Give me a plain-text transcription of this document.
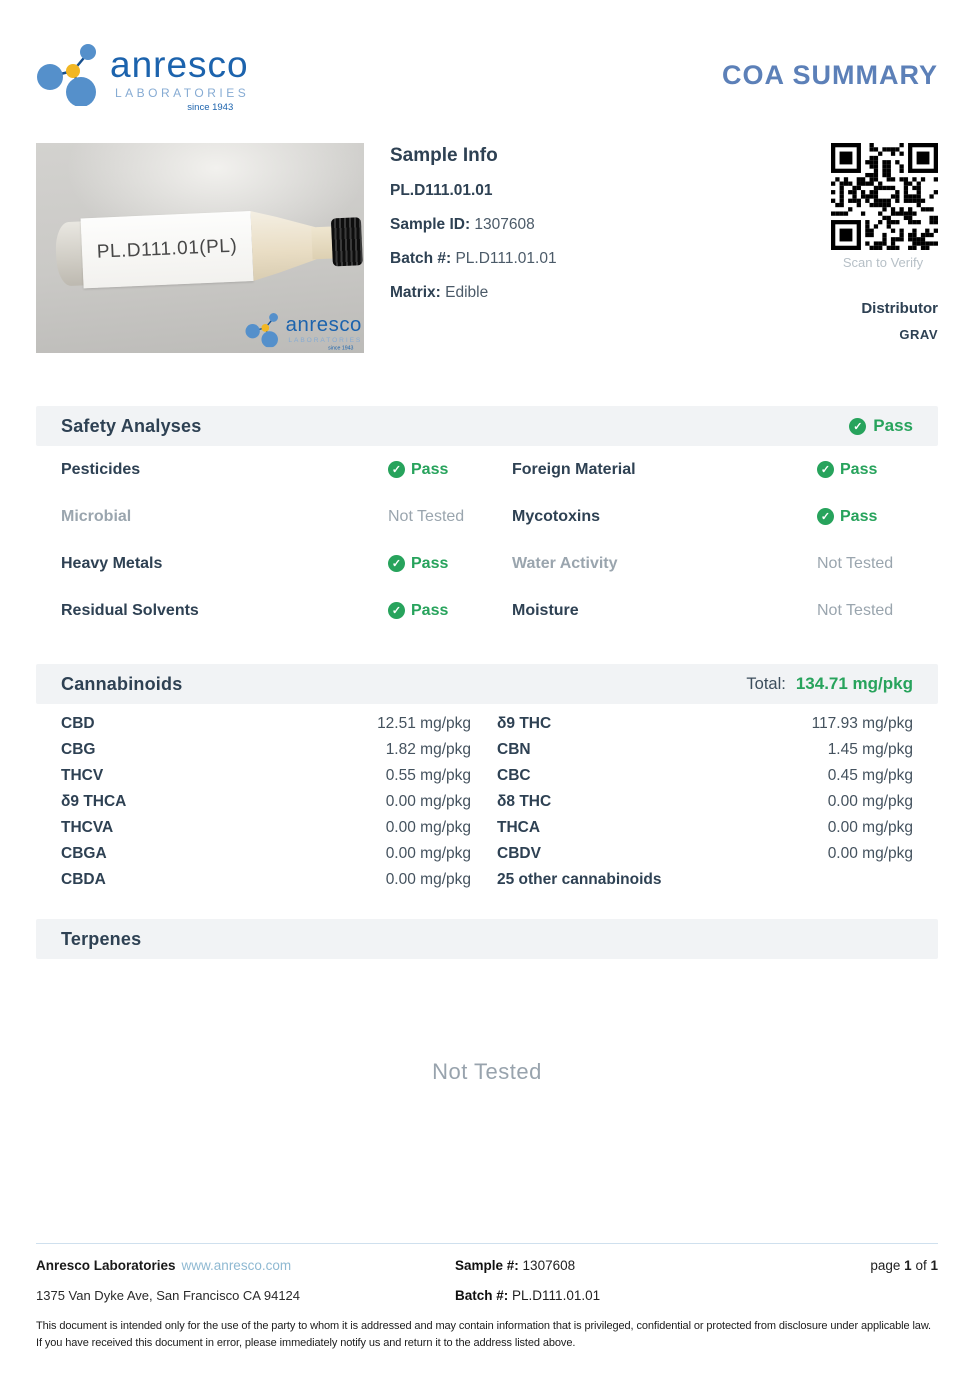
anresco
LABORATORIES
since 1943
COA SUMMARY
PL.D111.01(PL)
anresco
LABORATORIES
since 1943
Sample Info
PL.D111.01.01
Sample ID: 1307608
Batch #: PL.D111.01.01
Matrix: Edible
Scan to Verify
Distributor
GRAV
Safety Analyses	✓ Pass
Pesticides	✓ Pass	Foreign Material	✓ Pass
Microbial	Not Tested	Mycotoxins	✓ Pass
Heavy Metals	✓ Pass	Water Activity	Not Tested
Residual Solvents	✓ Pass	Moisture	Not Tested
Cannabinoids	Total: 134.71 mg/pkg
CBD	12.51 mg/pkg δ9 THC	117.93 mg/pkg
CBG	1.82 mg/pkg CBN	1.45 mg/pkg
THCV	0.55 mg/pkg CBC	0.45 mg/pkg
δ9 THCA	0.00 mg/pkg δ8 THC	0.00 mg/pkg
THCVA	0.00 mg/pkg THCA	0.00 mg/pkg
CBGA	0.00 mg/pkg CBDV	0.00 mg/pkg
CBDA	0.00 mg/pkg 25 other cannabinoids
Terpenes
Not Tested
Anresco Laboratories www.anresco.com	Sample #: 1307608	page 1 of 1
1375 Van Dyke Ave, San Francisco CA 94124	Batch #: PL.D111.01.01

This document is intended only for the use of the party to whom it is addressed and may contain information that is privileged, confidential or protected from disclosure under applicable law. If you have received this document in error, please immediately notify us and return it to the address listed above.
